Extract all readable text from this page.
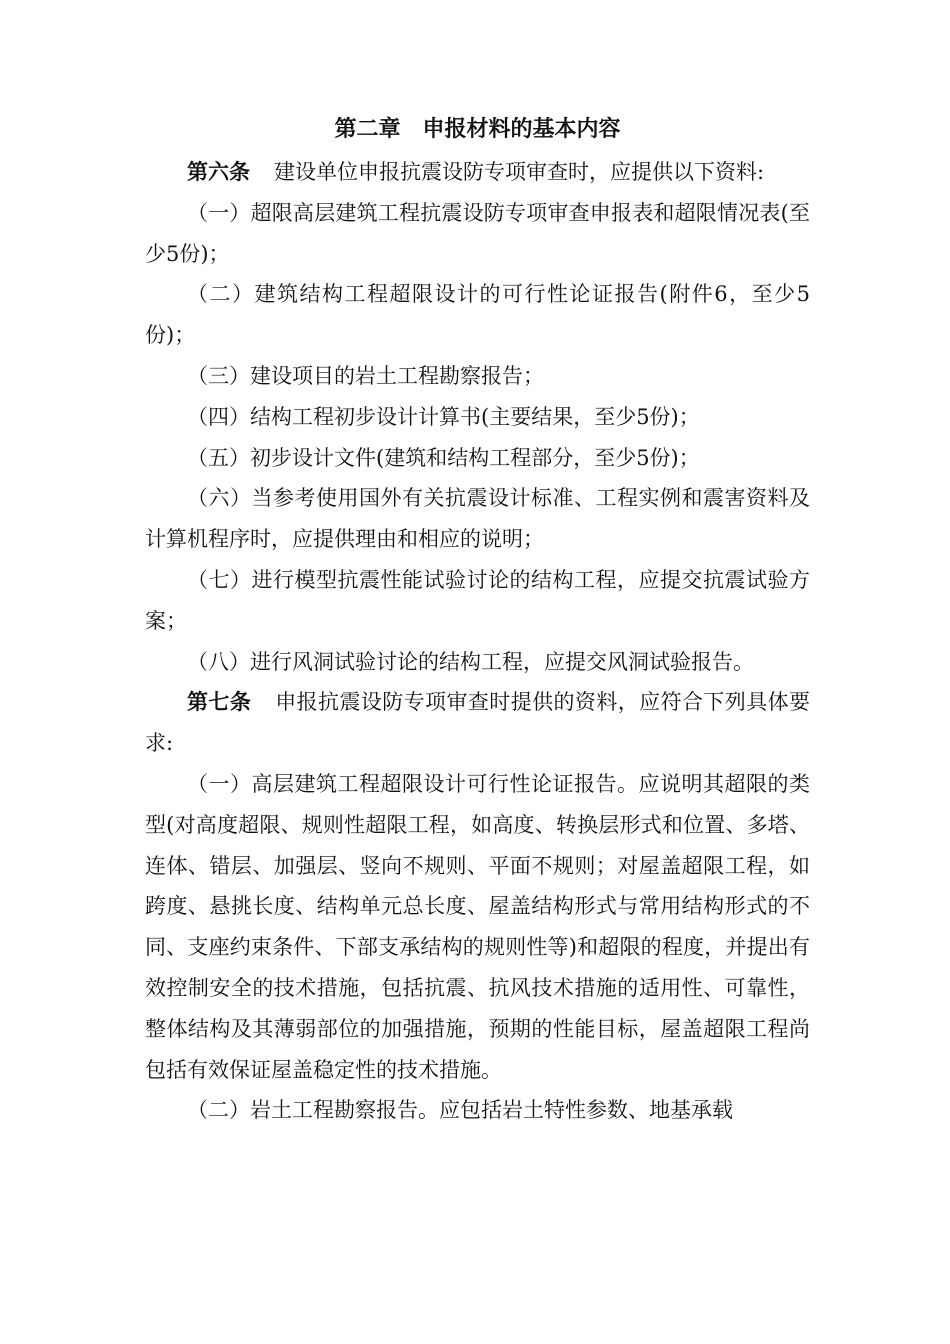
第二章　申报材料的基本内容

第六条 建设单位申报抗震设防专项审查时，应提供以下资料:

（一）超限高层建筑工程抗震设防专项审查申报表和超限情况表(至少5份)；

（二）建筑结构工程超限设计的可行性论证报告(附件6，至少5份)；

（三）建设项目的岩土工程勘察报告；

（四）结构工程初步设计计算书(主要结果，至少5份)；

（五）初步设计文件(建筑和结构工程部分，至少5份)；

（六）当参考使用国外有关抗震设计标准、工程实例和震害资料及计算机程序时，应提供理由和相应的说明；

（七）进行模型抗震性能试验讨论的结构工程，应提交抗震试验方案；

（八）进行风洞试验讨论的结构工程，应提交风洞试验报告。

第七条 申报抗震设防专项审查时提供的资料，应符合下列具体要求:

（一）高层建筑工程超限设计可行性论证报告。应说明其超限的类型(对高度超限、规则性超限工程，如高度、转换层形式和位置、多塔、连体、错层、加强层、竖向不规则、平面不规则；对屋盖超限工程，如跨度、悬挑长度、结构单元总长度、屋盖结构形式与常用结构形式的不同、支座约束条件、下部支承结构的规则性等)和超限的程度，并提出有效控制安全的技术措施，包括抗震、抗风技术措施的适用性、可靠性，整体结构及其薄弱部位的加强措施，预期的性能目标，屋盖超限工程尚包括有效保证屋盖稳定性的技术措施。

（二）岩土工程勘察报告。应包括岩土特性参数、地基承载
